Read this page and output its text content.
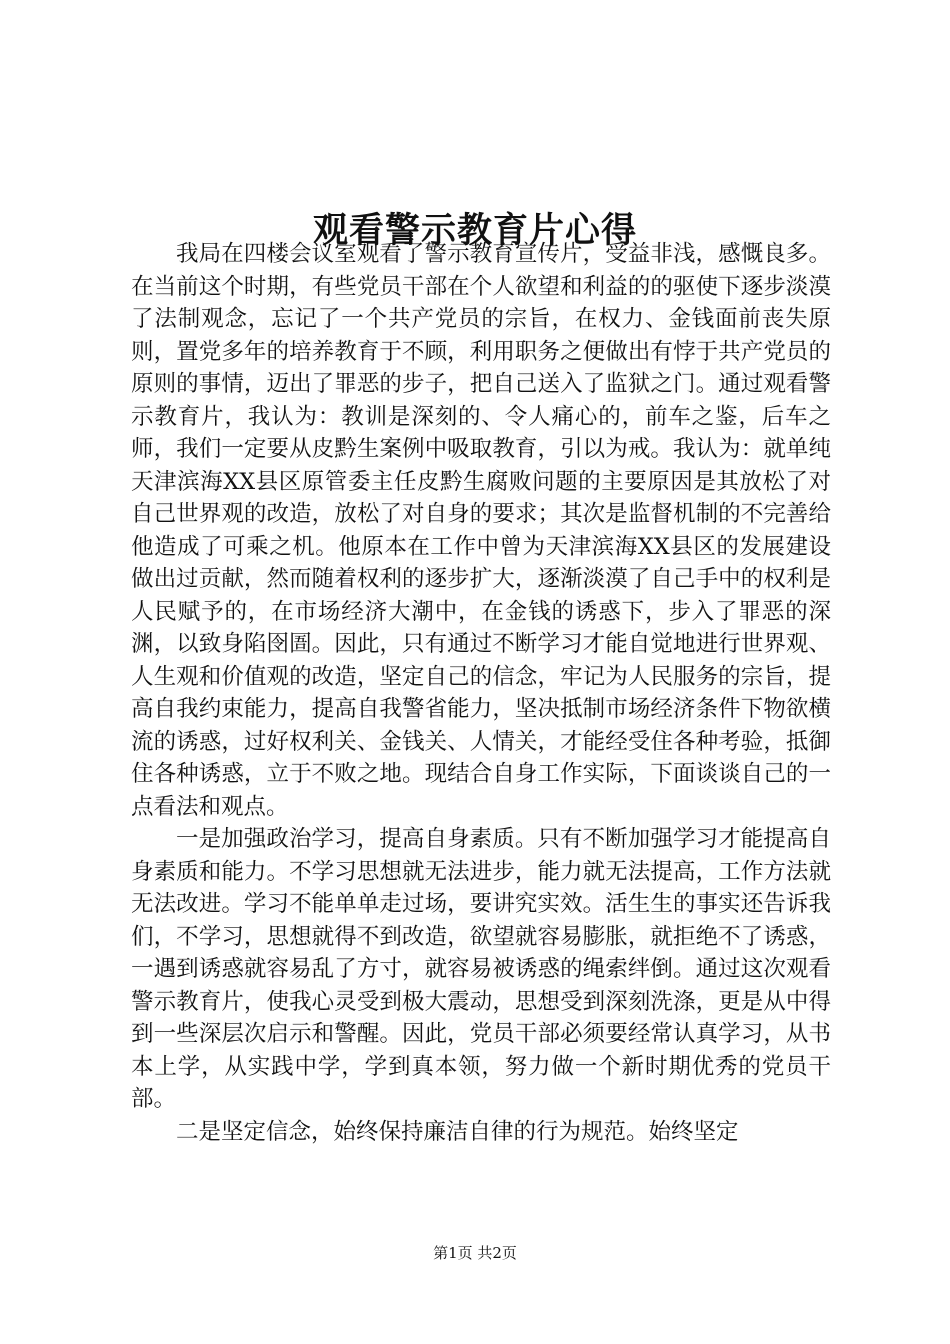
观看警示教育片心得

我局在四楼会议室观看了警示教育宣传片，受益非浅，感慨良多。在当前这个时期，有些党员干部在个人欲望和利益的的驱使下逐步淡漠了法制观念，忘记了一个共产党员的宗旨，在权力、金钱面前丧失原则，置党多年的培养教育于不顾，利用职务之便做出有悖于共产党员的原则的事情，迈出了罪恶的步子，把自己送入了监狱之门。通过观看警示教育片，我认为：教训是深刻的、令人痛心的，前车之鉴，后车之师，我们一定要从皮黔生案例中吸取教育，引以为戒。我认为：就单纯天津滨海XX县区原管委主任皮黔生腐败问题的主要原因是其放松了对自己世界观的改造，放松了对自身的要求；其次是监督机制的不完善给他造成了可乘之机。他原本在工作中曾为天津滨海XX县区的发展建设做出过贡献，然而随着权利的逐步扩大，逐渐淡漠了自己手中的权利是人民赋予的，在市场经济大潮中，在金钱的诱惑下，步入了罪恶的深渊，以致身陷囹圄。因此，只有通过不断学习才能自觉地进行世界观、人生观和价值观的改造，坚定自己的信念，牢记为人民服务的宗旨，提高自我约束能力，提高自我警省能力，坚决抵制市场经济条件下物欲横流的诱惑，过好权利关、金钱关、人情关，才能经受住各种考验，抵御住各种诱惑，立于不败之地。现结合自身工作实际，下面谈谈自己的一点看法和观点。

一是加强政治学习，提高自身素质。只有不断加强学习才能提高自身素质和能力。不学习思想就无法进步，能力就无法提高，工作方法就无法改进。学习不能单单走过场，要讲究实效。活生生的事实还告诉我们，不学习，思想就得不到改造，欲望就容易膨胀，就拒绝不了诱惑，一遇到诱惑就容易乱了方寸，就容易被诱惑的绳索绊倒。通过这次观看警示教育片，使我心灵受到极大震动，思想受到深刻洗涤，更是从中得到一些深层次启示和警醒。因此，党员干部必须要经常认真学习，从书本上学，从实践中学，学到真本领，努力做一个新时期优秀的党员干部。

二是坚定信念，始终保持廉洁自律的行为规范。始终坚定

第1页 共2页
